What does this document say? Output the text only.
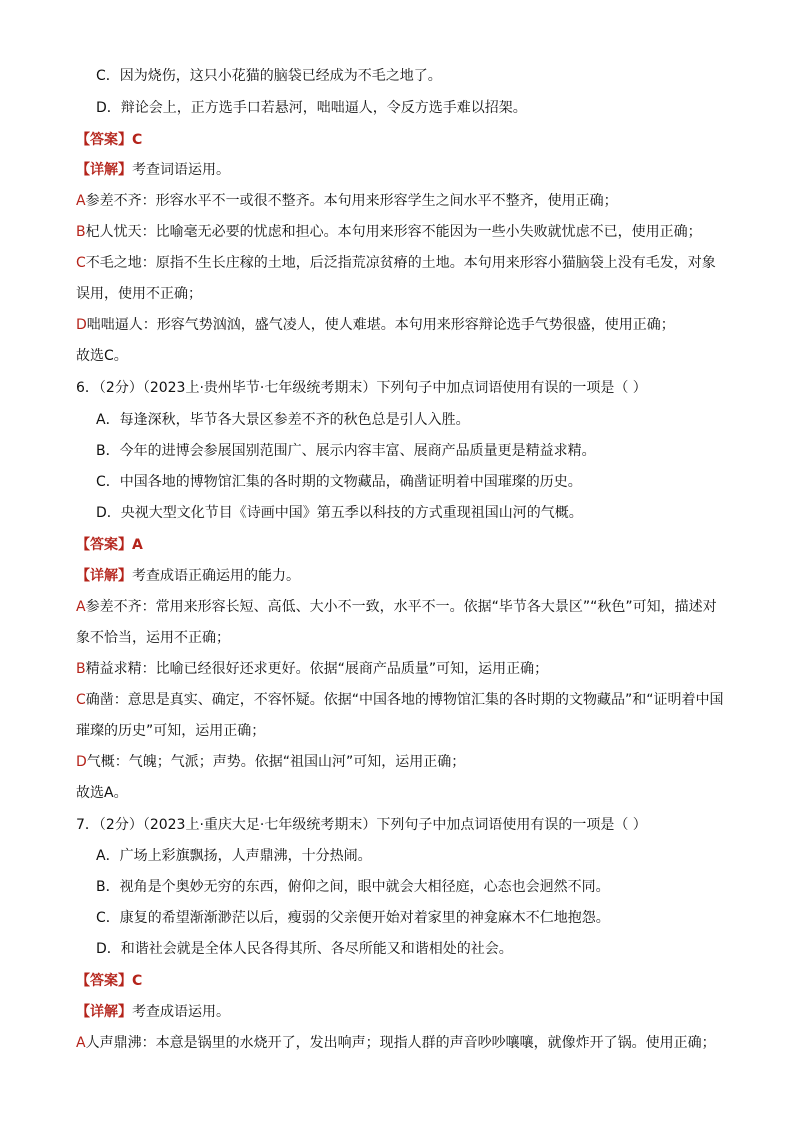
C．因为烧伤，这只小花猫的脑袋已经成为不毛之地了。
D．辩论会上，正方选手口若悬河，咄咄逼人，令反方选手难以招架。
【答案】C
【详解】考查词语运用。
A参差不齐：形容水平不一或很不整齐。本句用来形容学生之间水平不整齐，使用正确；
B杞人忧天：比喻毫无必要的忧虑和担心。本句用来形容不能因为一些小失败就忧虑不已，使用正确；
C不毛之地：原指不生长庄稼的土地，后泛指荒凉贫瘠的土地。本句用来形容小猫脑袋上没有毛发，对象
误用，使用不正确；
D咄咄逼人：形容气势汹汹，盛气凌人，使人难堪。本句用来形容辩论选手气势很盛，使用正确；
故选C。
6．（2分）（2023上·贵州毕节·七年级统考期末）下列句子中加点词语使用有误的一项是（ ）
A．每逢深秋，毕节各大景区参差不齐的秋色总是引人入胜。
B．今年的进博会参展国别范围广、展示内容丰富、展商产品质量更是精益求精。
C．中国各地的博物馆汇集的各时期的文物藏品，确凿证明着中国璀璨的历史。
D．央视大型文化节目《诗画中国》第五季以科技的方式重现祖国山河的气概。
【答案】A
【详解】考查成语正确运用的能力。
A参差不齐：常用来形容长短、高低、大小不一致，水平不一。依据“毕节各大景区”“秋色”可知，描述对
象不恰当，运用不正确；
B精益求精：比喻已经很好还求更好。依据“展商产品质量”可知，运用正确；
C确凿：意思是真实、确定，不容怀疑。依据“中国各地的博物馆汇集的各时期的文物藏品”和“证明着中国
璀璨的历史”可知，运用正确；
D气概：气魄；气派；声势。依据“祖国山河”可知，运用正确；
故选A。
7．（2分）（2023上·重庆大足·七年级统考期末）下列句子中加点词语使用有误的一项是（ ）
A．广场上彩旗飘扬，人声鼎沸，十分热闹。
B．视角是个奥妙无穷的东西，俯仰之间，眼中就会大相径庭，心态也会迥然不同。
C．康复的希望渐渐渺茫以后，瘦弱的父亲便开始对着家里的神龛麻木不仁地抱怨。
D．和谐社会就是全体人民各得其所、各尽所能又和谐相处的社会。
【答案】C
【详解】考查成语运用。
A人声鼎沸：本意是锅里的水烧开了，发出响声；现指人群的声音吵吵嚷嚷，就像炸开了锅。使用正确；
